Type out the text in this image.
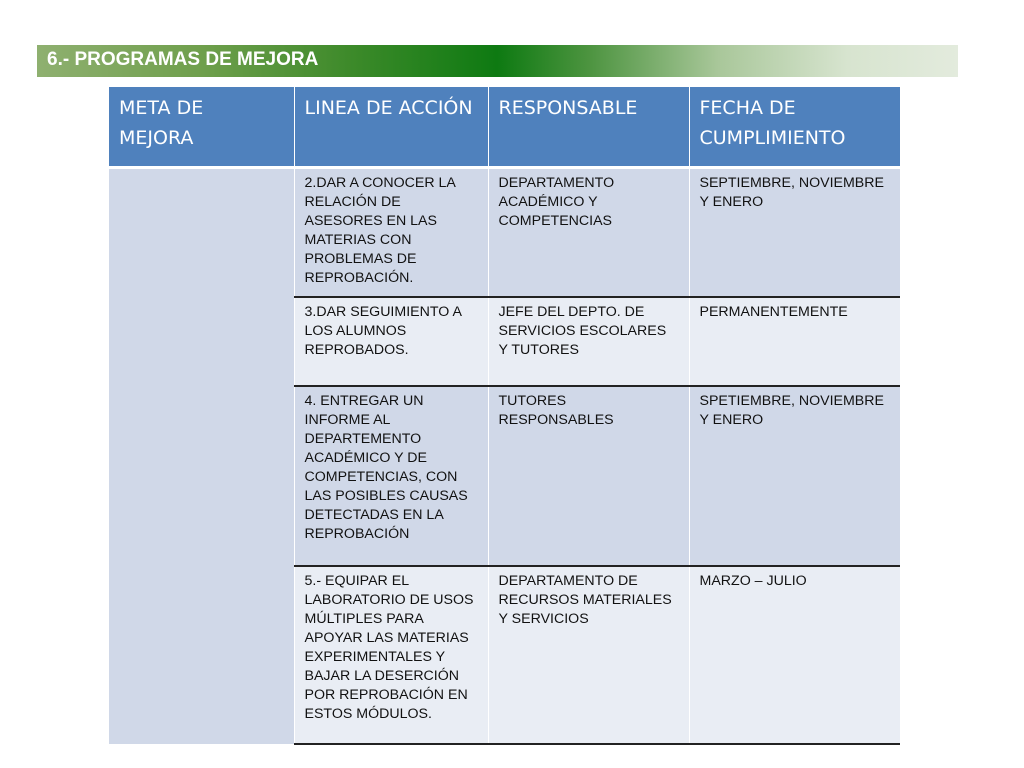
6.- PROGRAMAS DE MEJORA
META DE MEJORA	LINEA DE ACCIÓN	RESPONSABLE	FECHA DE CUMPLIMIENTO

	2.DAR A CONOCER LA RELACIÓN DE ASESORES EN LAS MATERIAS CON PROBLEMAS DE REPROBACIÓN.	DEPARTAMENTO ACADÉMICO Y COMPETENCIAS	SEPTIEMBRE, NOVIEMBRE Y ENERO

	3.DAR SEGUIMIENTO A LOS ALUMNOS REPROBADOS.	JEFE DEL DEPTO. DE SERVICIOS ESCOLARES Y TUTORES	PERMANENTEMENTE

	4. ENTREGAR UN INFORME AL DEPARTEMENTO ACADÉMICO Y DE COMPETENCIAS, CON LAS POSIBLES CAUSAS DETECTADAS EN LA REPROBACIÓN	TUTORES RESPONSABLES	SPETIEMBRE, NOVIEMBRE Y ENERO

	5.- EQUIPAR EL LABORATORIO DE USOS MÚLTIPLES PARA APOYAR LAS MATERIAS EXPERIMENTALES Y BAJAR LA DESERCIÓN POR REPROBACIÓN EN ESTOS MÓDULOS.	DEPARTAMENTO DE RECURSOS MATERIALES Y SERVICIOS	MARZO – JULIO
